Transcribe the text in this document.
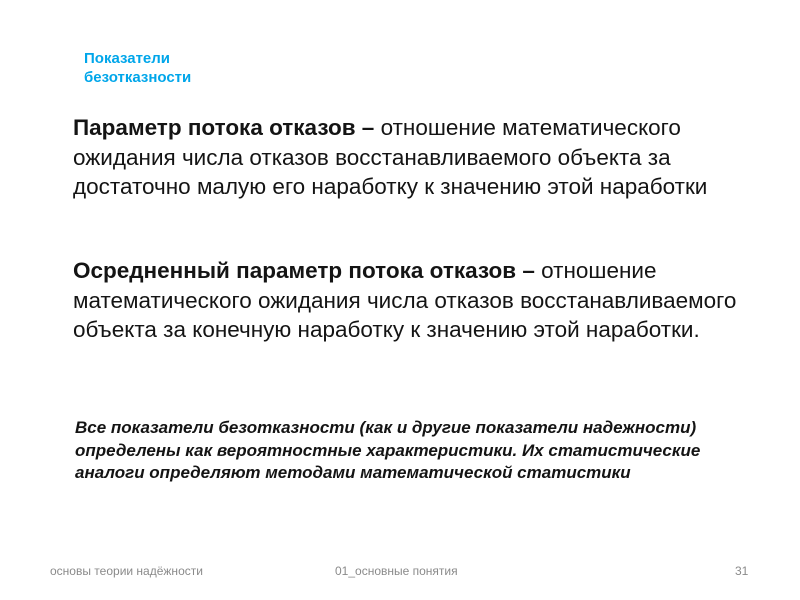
Показатели
безотказности
Параметр потока отказов – отношение математического ожидания числа отказов восстанавливаемого объекта за достаточно малую его наработку к значению этой наработки
Осредненный параметр потока отказов – отношение математического ожидания числа отказов восстанавливаемого объекта за конечную наработку к значению этой наработки.
Все показатели безотказности (как и другие показатели надежности) определены как вероятностные характеристики. Их статистические аналоги определяют методами математической статистики
основы теории надёжности	01_основные понятия	31
